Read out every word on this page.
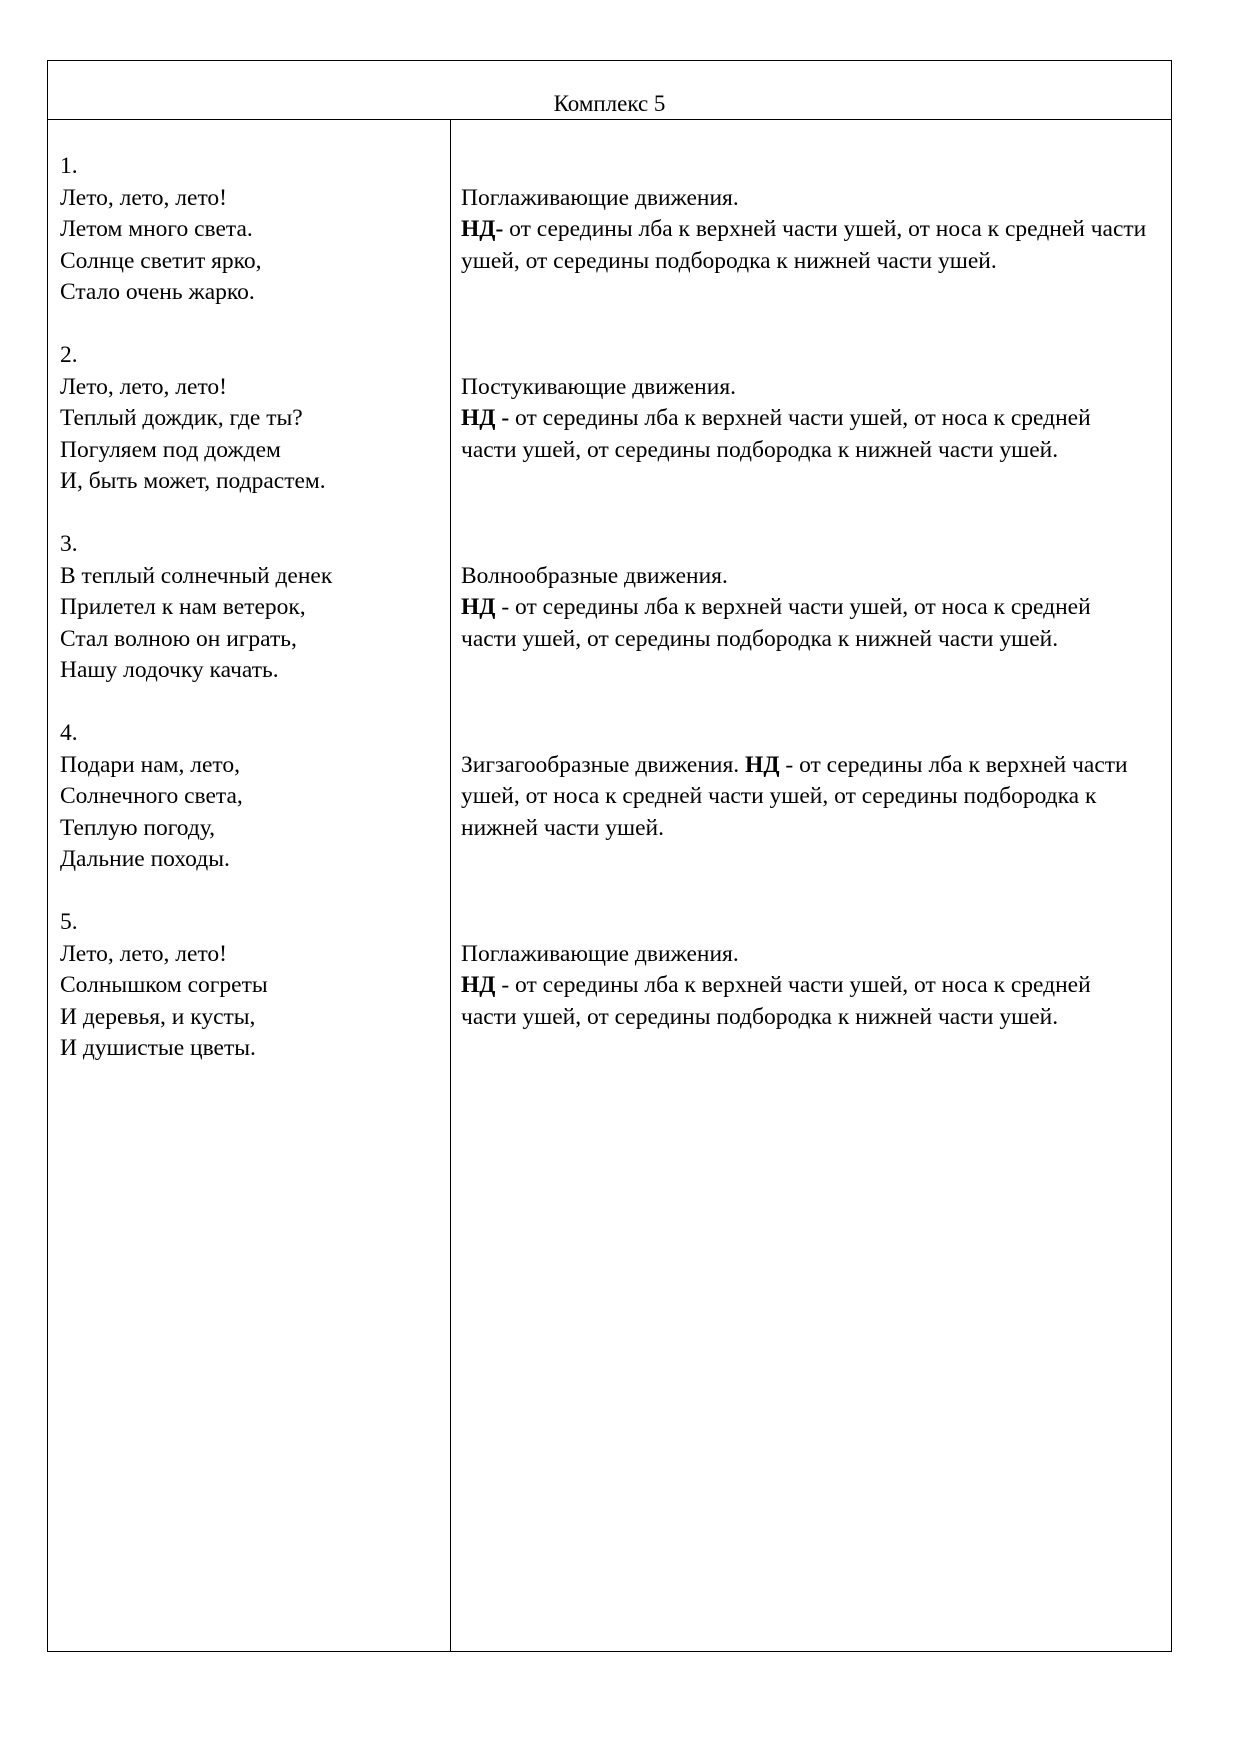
Комплекс 5
1.
Лето, лето, лето!
Летом много света.
Солнце светит ярко,
Стало очень жарко.
Поглаживающие движения.
НД- от середины лба к верхней части ушей, от носа к средней части ушей, от середины подбородка к нижней части ушей.
2.
Лето, лето, лето!
Теплый дождик, где ты?
Погуляем под дождем
И, быть может, подрастем.
Постукивающие движения.
НД - от середины лба к верхней части ушей, от носа к средней части ушей, от середины подбородка к нижней части ушей.
3.
В теплый солнечный денек
Прилетел к нам ветерок,
Стал волною он играть,
Нашу лодочку качать.
Волнообразные движения.
НД - от середины лба к верхней части ушей, от носа к средней части ушей, от середины подбородка к нижней части ушей.
4.
Подари нам, лето,
Солнечного света,
Теплую погоду,
Дальние походы.
Зигзагообразные движения. НД - от середины лба к верхней части ушей, от носа к средней части ушей, от середины подбородка к нижней части ушей.
5.
Лето, лето, лето!
Солнышком согреты
И деревья, и кусты,
И душистые цветы.
Поглаживающие движения.
НД - от середины лба к верхней части ушей, от носа к средней части ушей, от середины подбородка к нижней части ушей.
